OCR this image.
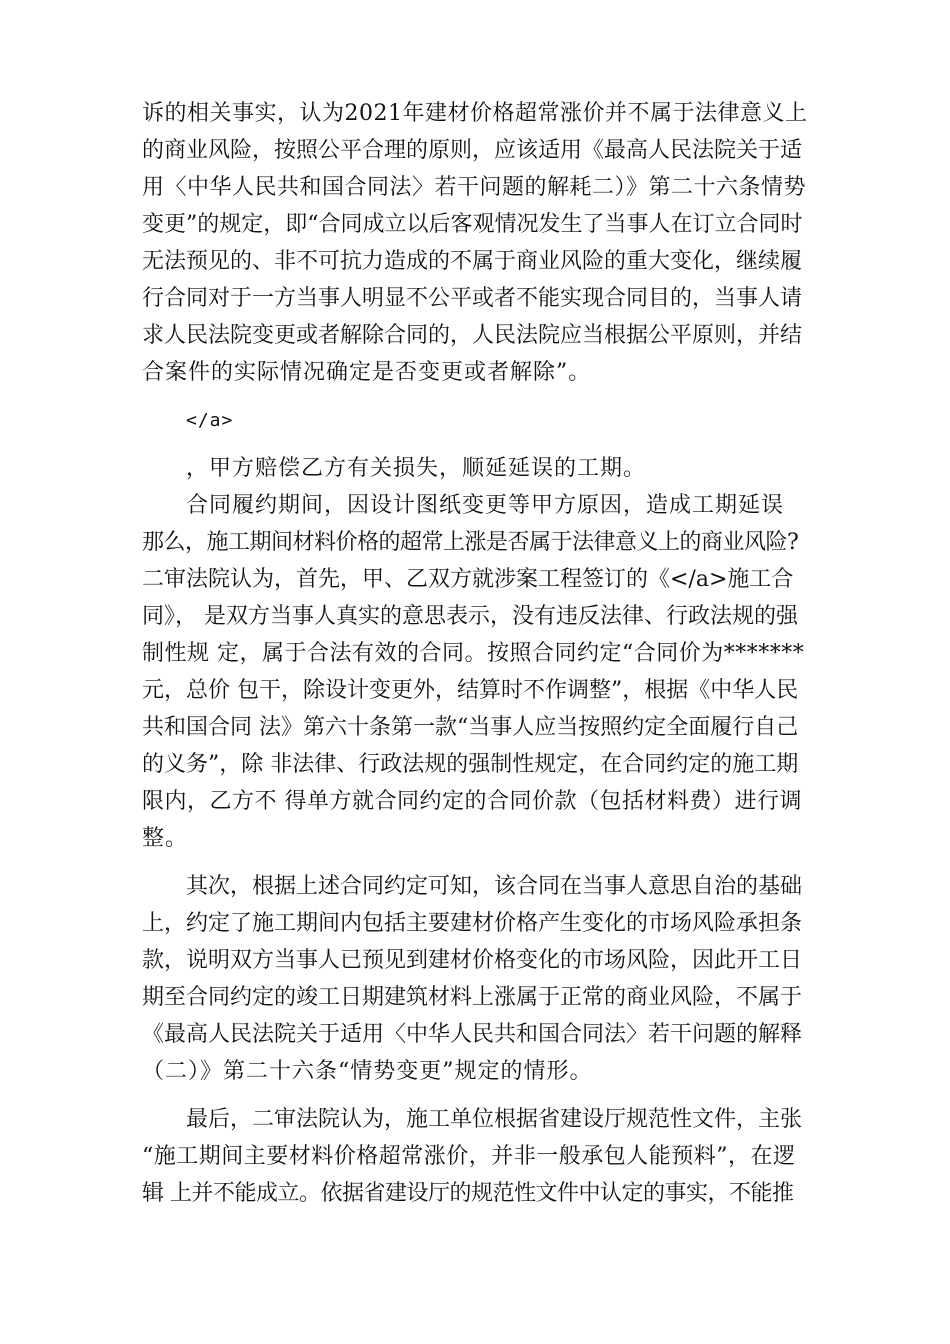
诉的相关事实，认为2021年建材价格超常涨价并不属于法律意义上
的商业风险，按照公平合理的原则，应该适用《最高人民法院关于适
用〈中华人民共和国合同法〉若干问题的解耗二）》第二十六条情势
变更”的规定，即“合同成立以后客观情况发生了当事人在订立合同时
无法预见的、非不可抗力造成的不属于商业风险的重大变化，继续履
行合同对于一方当事人明显不公平或者不能实现合同目的，当事人请
求人民法院变更或者解除合同的，人民法院应当根据公平原则，并结
合案件的实际情况确定是否变更或者解除”。
</a>
，甲方赔偿乙方有关损失，顺延延误的工期。
合同履约期间，因设计图纸变更等甲方原因，造成工期延误
那么，施工期间材料价格的超常上涨是否属于法律意义上的商业风险?
二审法院认为，首先，甲、乙双方就涉案工程签订的《</a>施工合
同》， 是双方当事人真实的意思表示，没有违反法律、行政法规的强
制性规 定，属于合法有效的合同。按照合同约定“合同价为*******
元，总价 包干，除设计变更外，结算时不作调整”，根据《中华人民
共和国合同 法》第六十条第一款“当事人应当按照约定全面履行自己
的义务”，除 非法律、行政法规的强制性规定，在合同约定的施工期
限内，乙方不 得单方就合同约定的合同价款（包括材料费）进行调
整。
其次，根据上述合同约定可知，该合同在当事人意思自治的基础
上，约定了施工期间内包括主要建材价格产生变化的市场风险承担条
款，说明双方当事人已预见到建材价格变化的市场风险，因此开工日
期至合同约定的竣工日期建筑材料上涨属于正常的商业风险，不属于
《最高人民法院关于适用〈中华人民共和国合同法〉若干问题的解释
（二）》第二十六条“情势变更”规定的情形。
最后，二审法院认为，施工单位根据省建设厅规范性文件，主张
“施工期间主要材料价格超常涨价，并非一般承包人能预料”，在逻
辑 上并不能成立。依据省建设厅的规范性文件中认定的事实，不能推
